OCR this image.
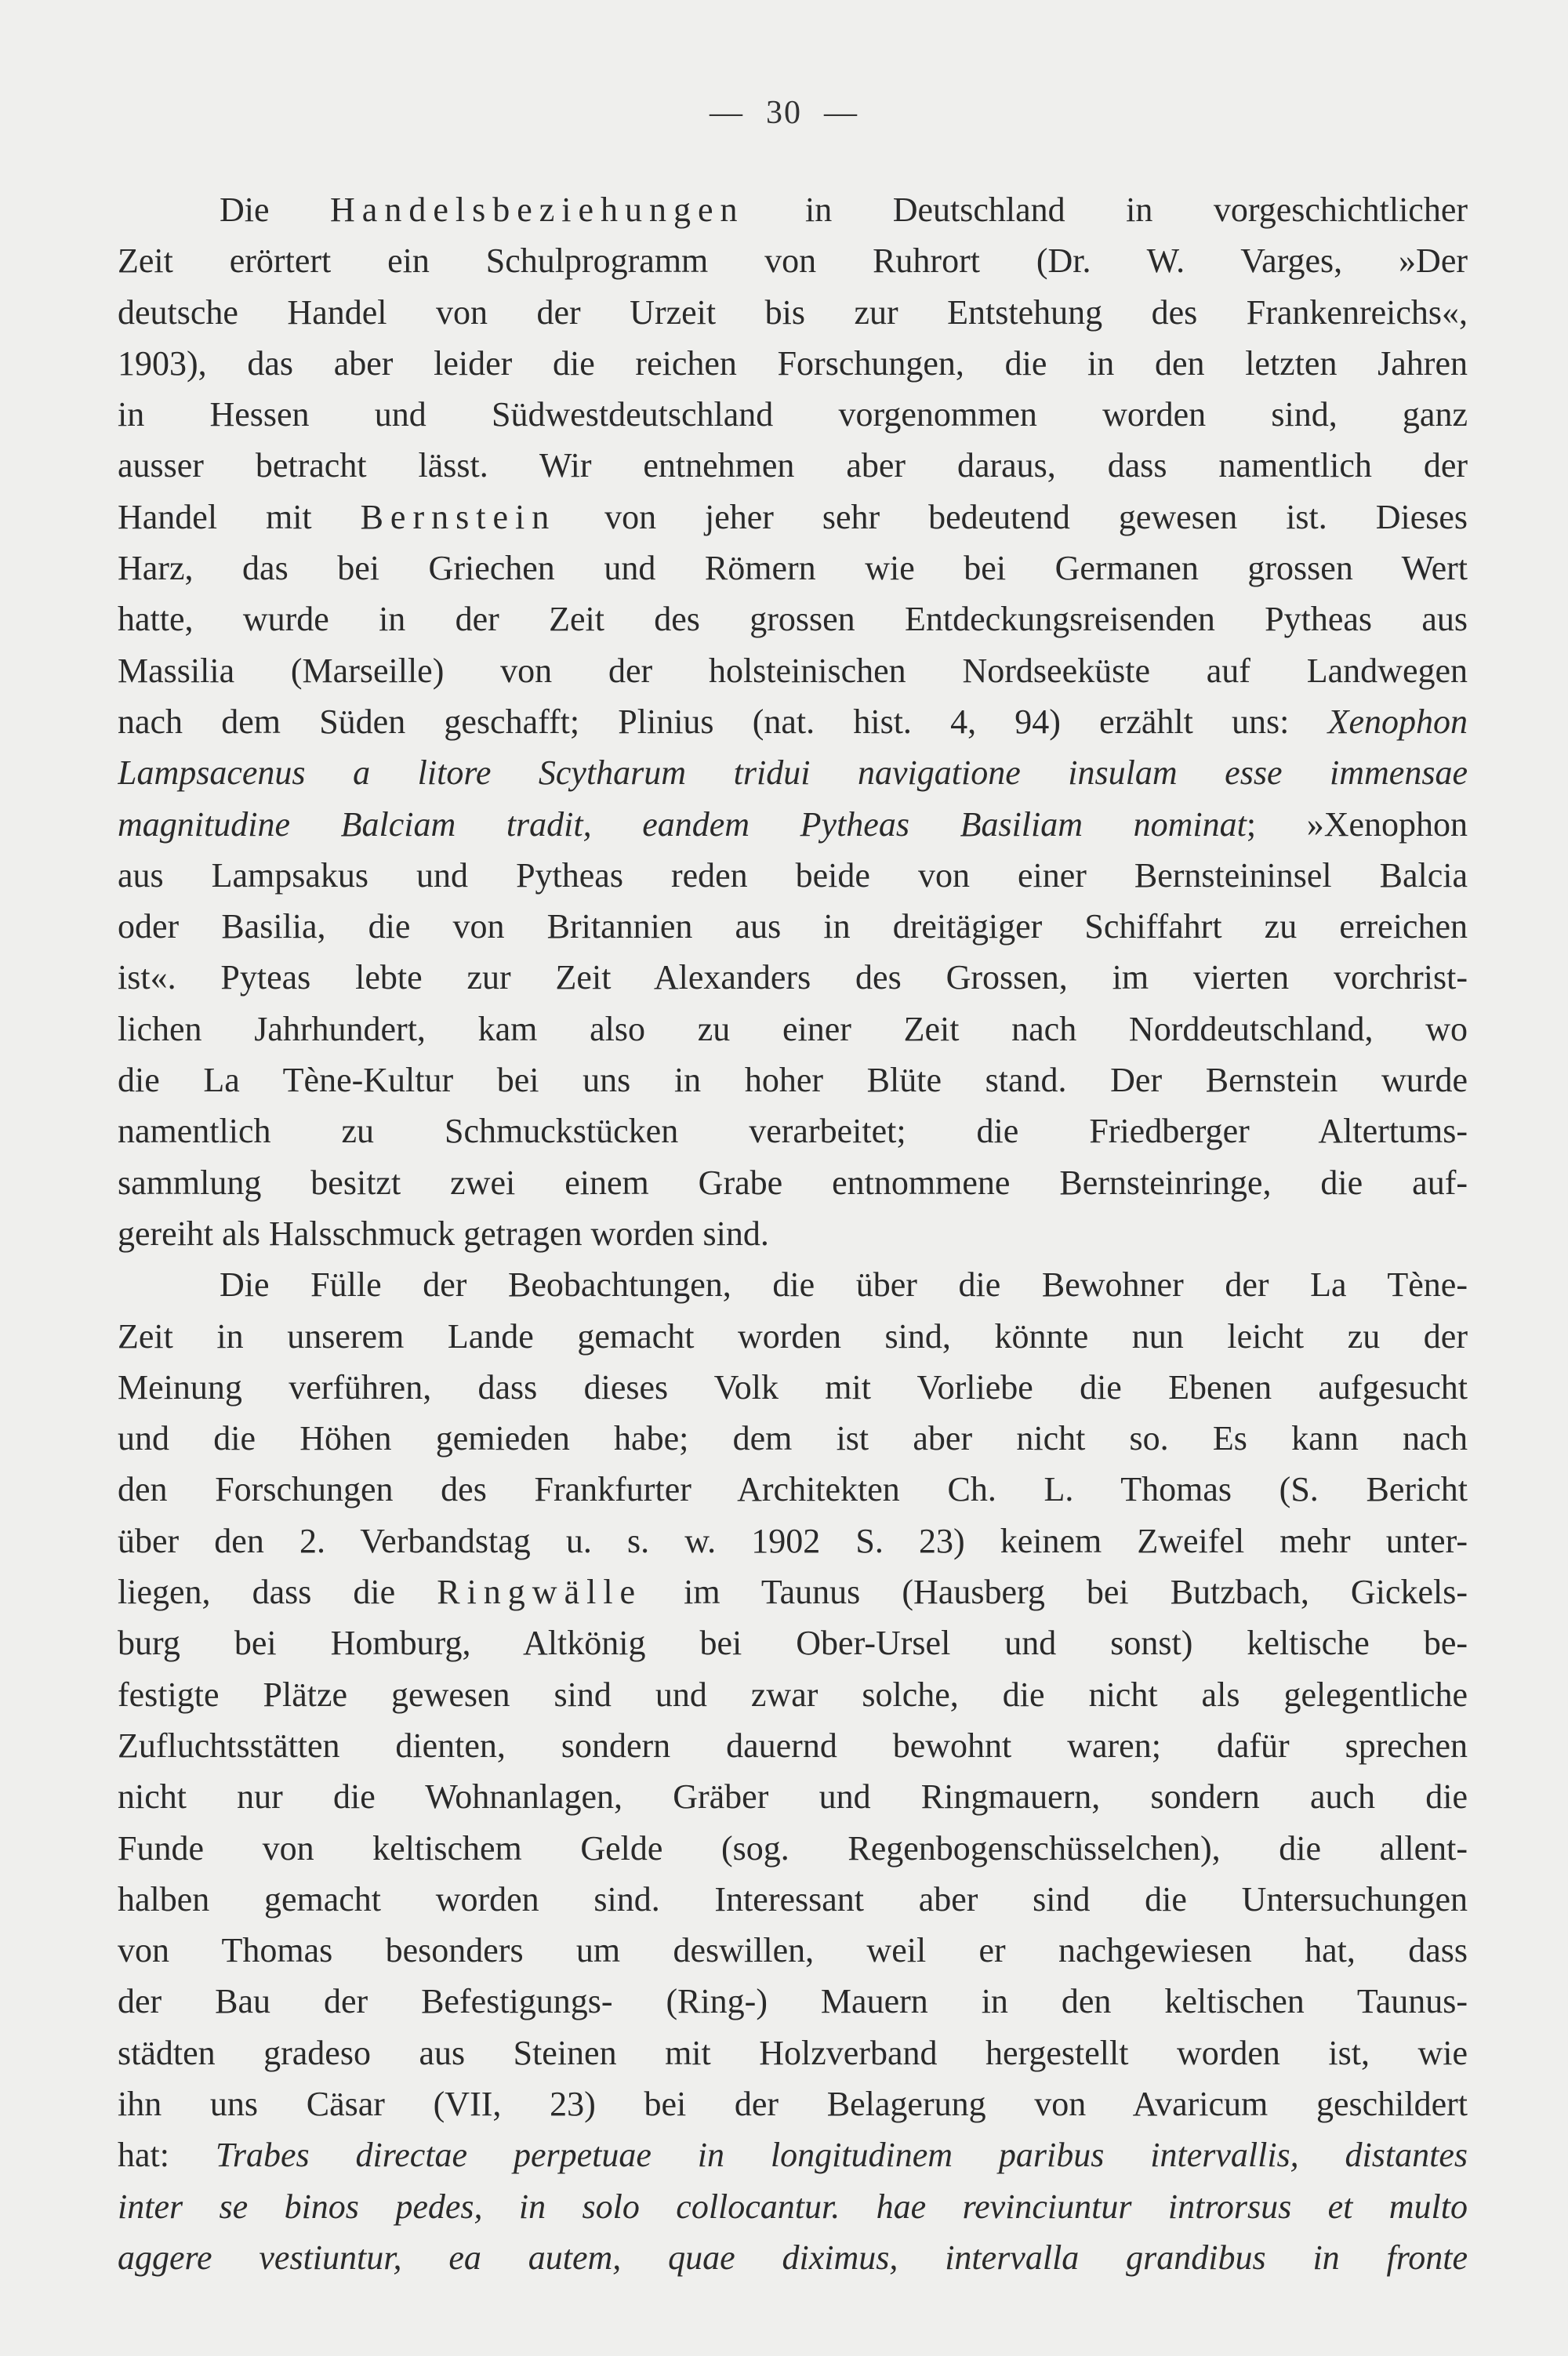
— 30 —
Die Handelsbeziehungen in Deutschland in vorgeschichtlicher
Zeit erörtert ein Schulprogramm von Ruhrort (Dr. W. Varges, »Der
deutsche Handel von der Urzeit bis zur Entstehung des Frankenreichs«,
1903), das aber leider die reichen Forschungen, die in den letzten Jahren
in Hessen und Südwestdeutschland vorgenommen worden sind, ganz
ausser betracht lässt. Wir entnehmen aber daraus, dass namentlich der
Handel mit Bernstein von jeher sehr bedeutend gewesen ist. Dieses
Harz, das bei Griechen und Römern wie bei Germanen grossen Wert
hatte, wurde in der Zeit des grossen Entdeckungsreisenden Pytheas aus
Massilia (Marseille) von der holsteinischen Nordseeküste auf Landwegen
nach dem Süden geschafft; Plinius (nat. hist. 4, 94) erzählt uns: Xenophon
Lampsacenus a litore Scytharum tridui navigatione insulam esse immensae
magnitudine Balciam tradit, eandem Pytheas Basiliam nominat; »Xenophon
aus Lampsakus und Pytheas reden beide von einer Bernsteininsel Balcia
oder Basilia, die von Britannien aus in dreitägiger Schiffahrt zu erreichen
ist«. Pyteas lebte zur Zeit Alexanders des Grossen, im vierten vorchrist-
lichen Jahrhundert, kam also zu einer Zeit nach Norddeutschland, wo
die La Tène-Kultur bei uns in hoher Blüte stand. Der Bernstein wurde
namentlich zu Schmuckstücken verarbeitet; die Friedberger Altertums-
sammlung besitzt zwei einem Grabe entnommene Bernsteinringe, die auf-
gereiht als Halsschmuck getragen worden sind.
Die Fülle der Beobachtungen, die über die Bewohner der La Tène-
Zeit in unserem Lande gemacht worden sind, könnte nun leicht zu der
Meinung verführen, dass dieses Volk mit Vorliebe die Ebenen aufgesucht
und die Höhen gemieden habe; dem ist aber nicht so. Es kann nach
den Forschungen des Frankfurter Architekten Ch. L. Thomas (S. Bericht
über den 2. Verbandstag u. s. w. 1902 S. 23) keinem Zweifel mehr unter-
liegen, dass die Ringwälle im Taunus (Hausberg bei Butzbach, Gickels-
burg bei Homburg, Altkönig bei Ober-Ursel und sonst) keltische be-
festigte Plätze gewesen sind und zwar solche, die nicht als gelegentliche
Zufluchtsstätten dienten, sondern dauernd bewohnt waren; dafür sprechen
nicht nur die Wohnanlagen, Gräber und Ringmauern, sondern auch die
Funde von keltischem Gelde (sog. Regenbogenschüsselchen), die allent-
halben gemacht worden sind. Interessant aber sind die Untersuchungen
von Thomas besonders um deswillen, weil er nachgewiesen hat, dass
der Bau der Befestigungs- (Ring-) Mauern in den keltischen Taunus-
städten gradeso aus Steinen mit Holzverband hergestellt worden ist, wie
ihn uns Cäsar (VII, 23) bei der Belagerung von Avaricum geschildert
hat: Trabes directae perpetuae in longitudinem paribus intervallis, distantes
inter se binos pedes, in solo collocantur. hae revinciuntur introrsus et multo
aggere vestiuntur, ea autem, quae diximus, intervalla grandibus in fronte
